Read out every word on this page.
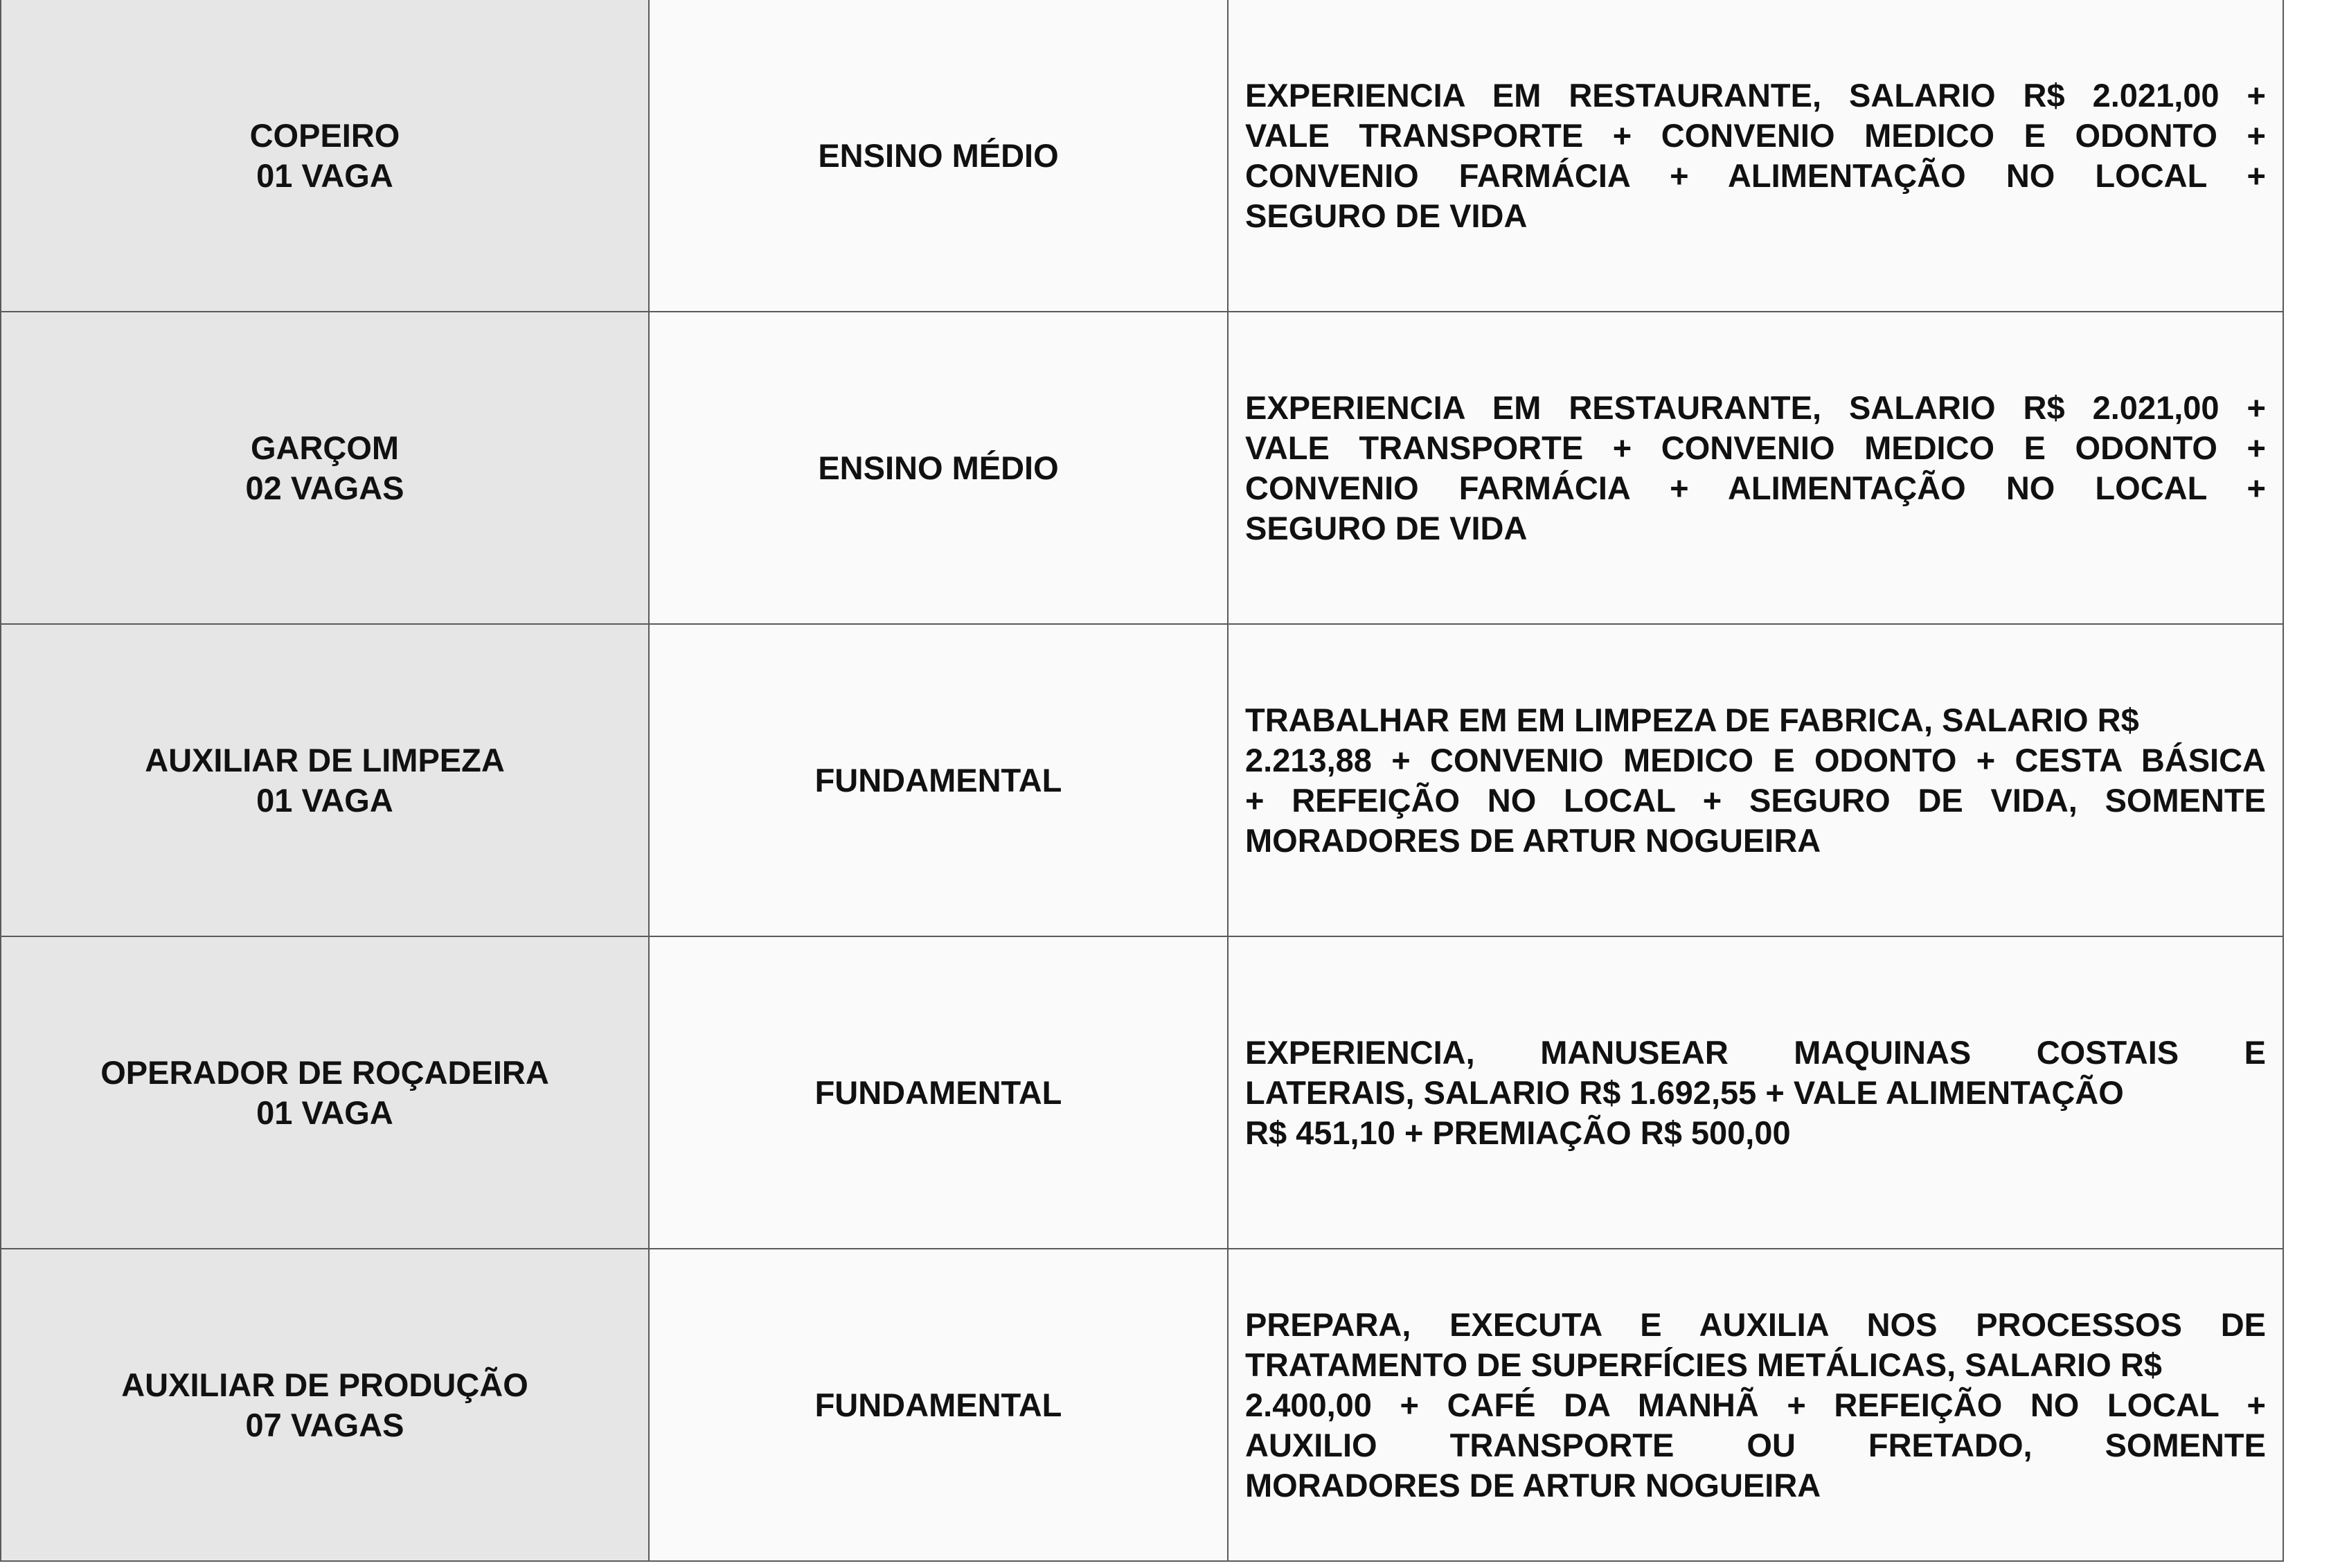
COPEIRO
01 VAGA	ENSINO MÉDIO	EXPERIENCIA EM RESTAURANTE, SALARIO R$ 2.021,00 +
VALE TRANSPORTE + CONVENIO MEDICO E ODONTO +
CONVENIO FARMÁCIA + ALIMENTAÇÃO NO LOCAL +
SEGURO DE VIDA

GARÇOM
02 VAGAS	ENSINO MÉDIO	EXPERIENCIA EM RESTAURANTE, SALARIO R$ 2.021,00 +
VALE TRANSPORTE + CONVENIO MEDICO E ODONTO +
CONVENIO FARMÁCIA + ALIMENTAÇÃO NO LOCAL +
SEGURO DE VIDA

AUXILIAR DE LIMPEZA
01 VAGA	FUNDAMENTAL	TRABALHAR EM EM LIMPEZA DE FABRICA, SALARIO R$
2.213,88 + CONVENIO MEDICO E ODONTO + CESTA BÁSICA
+ REFEIÇÃO NO LOCAL + SEGURO DE VIDA, SOMENTE
MORADORES DE ARTUR NOGUEIRA

OPERADOR DE ROÇADEIRA
01 VAGA	FUNDAMENTAL	EXPERIENCIA, MANUSEAR MAQUINAS COSTAIS E
LATERAIS, SALARIO R$ 1.692,55 + VALE ALIMENTAÇÃO
R$ 451,10 + PREMIAÇÃO R$ 500,00

AUXILIAR DE PRODUÇÃO
07 VAGAS	FUNDAMENTAL	PREPARA, EXECUTA E AUXILIA NOS PROCESSOS DE
TRATAMENTO DE SUPERFÍCIES METÁLICAS, SALARIO R$
2.400,00 + CAFÉ DA MANHÃ + REFEIÇÃO NO LOCAL +
AUXILIO TRANSPORTE OU FRETADO, SOMENTE
MORADORES DE ARTUR NOGUEIRA
